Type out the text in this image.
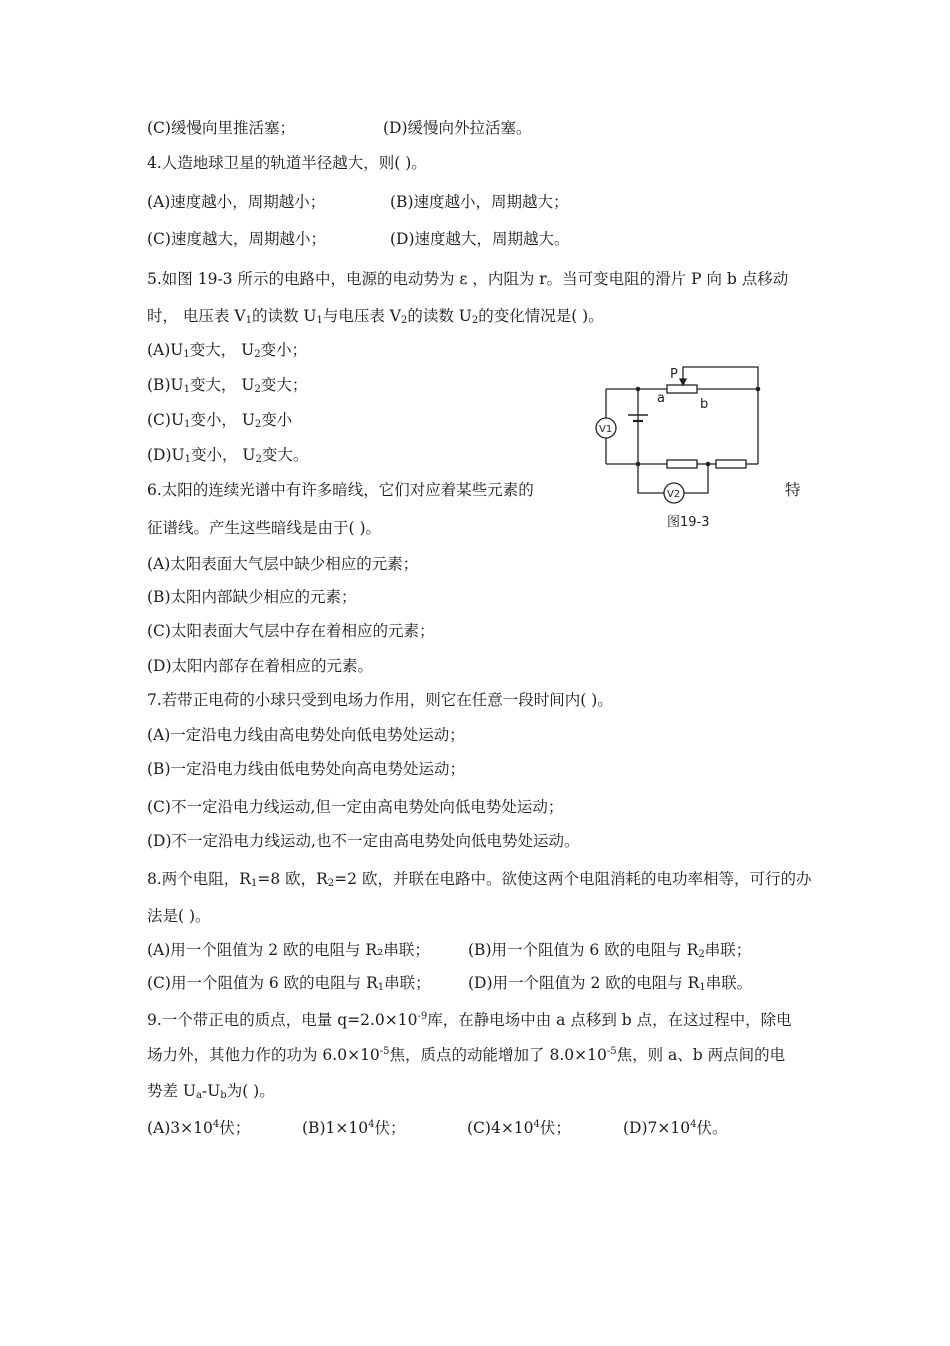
(C)缓慢向里推活塞；	(D)缓慢向外拉活塞。
4.人造地球卫星的轨道半径越大，则( )。
(A)速度越小，周期越小；	(B)速度越小，周期越大；
(C)速度越大，周期越小；	(D)速度越大，周期越大。
5.如图 19-3 所示的电路中，电源的电动势为 ε ，内阻为 r。当可变电阻的滑片 P 向 b 点移动
时， 电压表 $V_1$的读数 $U_1$与电压表 $V_2$的读数 $U_2$的变化情况是( )。
$(A)U_1$变大， $U_2$变小；
$(B)U_1$变大， $U_2$变大；
$(C)U_1$变小， $U_2$变小
$(D)U_1$变小， $U_2$变大。
V1
V2
P
a	b
图19-3
6.太阳的连续光谱中有许多暗线，它们对应着某些元素的	特
征谱线。产生这些暗线是由于( )。
(A)太阳表面大气层中缺少相应的元素；
(B)太阳内部缺少相应的元素；
(C)太阳表面大气层中存在着相应的元素；
(D)太阳内部存在着相应的元素。
7.若带正电荷的小球只受到电场力作用，则它在任意一段时间内( )。
(A)一定沿电力线由高电势处向低电势处运动；
(B)一定沿电力线由低电势处向高电势处运动；
(C)不一定沿电力线运动,但一定由高电势处向低电势处运动；
(D)不一定沿电力线运动,也不一定由高电势处向低电势处运动。
8.两个电阻，$R_1=8$ 欧，$R_2=2$ 欧，并联在电路中。欲使这两个电阻消耗的电功率相等，可行的办
法是( )。
(A)用一个阻值为 2 欧的电阻与 R₂串联； (B)用一个阻值为 6 欧的电阻与 $R_2$串联；
(C)用一个阻值为 6 欧的电阻与 $R_1$串联； (D)用一个阻值为 2 欧的电阻与 $R_1$串联。
9.一个带正电的质点，电量 $q=2.0\times 10^{-9}$库，在静电场中由 a 点移到 b 点，在这过程中，除电
场力外，其他力作的功为 $6.0\times 10^{-5}$焦，质点的动能增加了 $8.0\times 10^{-5}$焦，则 a、b 两点间的电
势差 $U_a-U_b$为( )。
$(A)3\times 10^4$伏；	$(B)1\times 10^4$伏；	$(C)4\times 10^4$伏；	$(D)7\times 10^4$伏。
